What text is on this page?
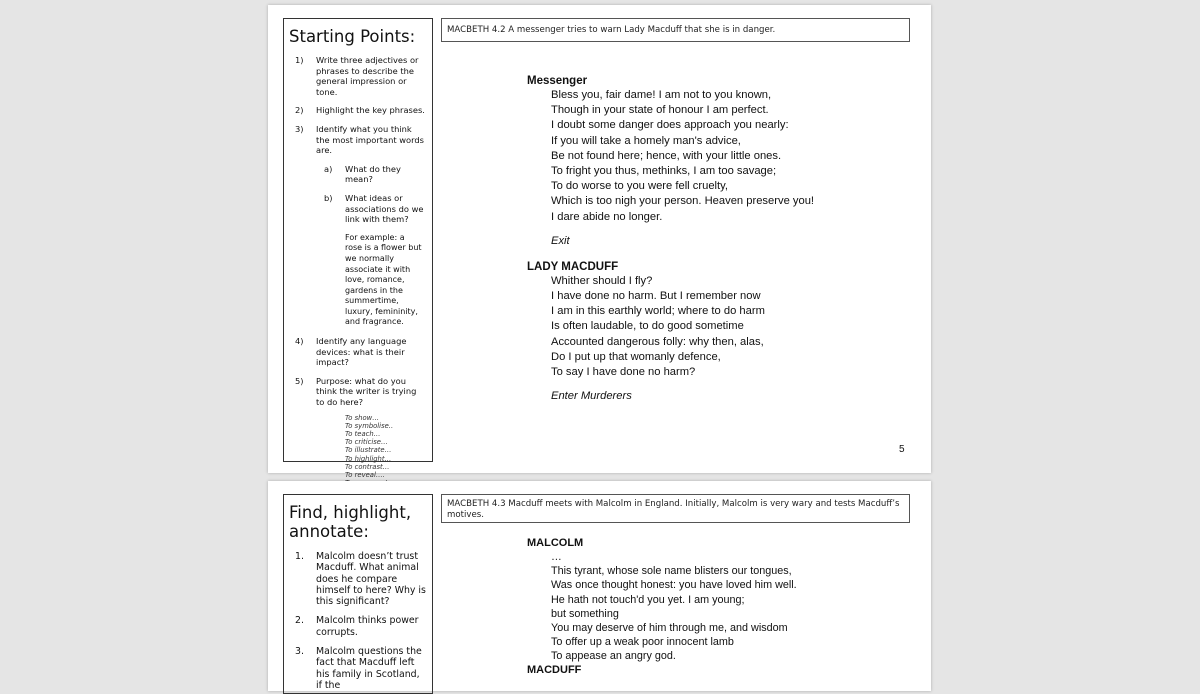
Starting Points:
1) Write three adjectives or phrases to describe the general impression or tone.
2) Highlight the key phrases.
3) Identify what you think the most important words are.
a) What do they mean?
b) What ideas or associations do we link with them?
For example: a rose is a flower but we normally associate it with love, romance, gardens in the summertime, luxury, femininity, and fragrance.
4) Identify any language devices: what is their impact?
5) Purpose: what do you think the writer is trying to do here?
To show…
To symbolise..
To teach…
To criticise…
To illustrate…
To highlight…
To contrast…
To reveal….
MACBETH 4.2 A messenger tries to warn Lady Macduff that she is in danger.
Messenger
Bless you, fair dame! I am not to you known,
Though in your state of honour I am perfect.
I doubt some danger does approach you nearly:
If you will take a homely man's advice,
Be not found here; hence, with your little ones.
To fright you thus, methinks, I am too savage;
To do worse to you were fell cruelty,
Which is too nigh your person. Heaven preserve you!
I dare abide no longer.
Exit
LADY MACDUFF
Whither should I fly?
I have done no harm. But I remember now
I am in this earthly world; where to do harm
Is often laudable, to do good sometime
Accounted dangerous folly: why then, alas,
Do I put up that womanly defence,
To say I have done no harm?
Enter Murderers
5
Find, highlight, annotate:
1. Malcolm doesn’t trust Macduff. What animal does he compare himself to here? Why is this significant?
2. Malcolm thinks power corrupts.
3. Malcolm questions the fact that Macduff left his family in Scotland, if the
MACBETH 4.3 Macduff meets with Malcolm in England. Initially, Malcolm is very wary and tests Macduff’s motives.
MALCOLM
…
This tyrant, whose sole name blisters our tongues,
Was once thought honest: you have loved him well.
He hath not touch'd you yet. I am young;
but something
You may deserve of him through me, and wisdom
To offer up a weak poor innocent lamb
To appease an angry god.
MACDUFF
